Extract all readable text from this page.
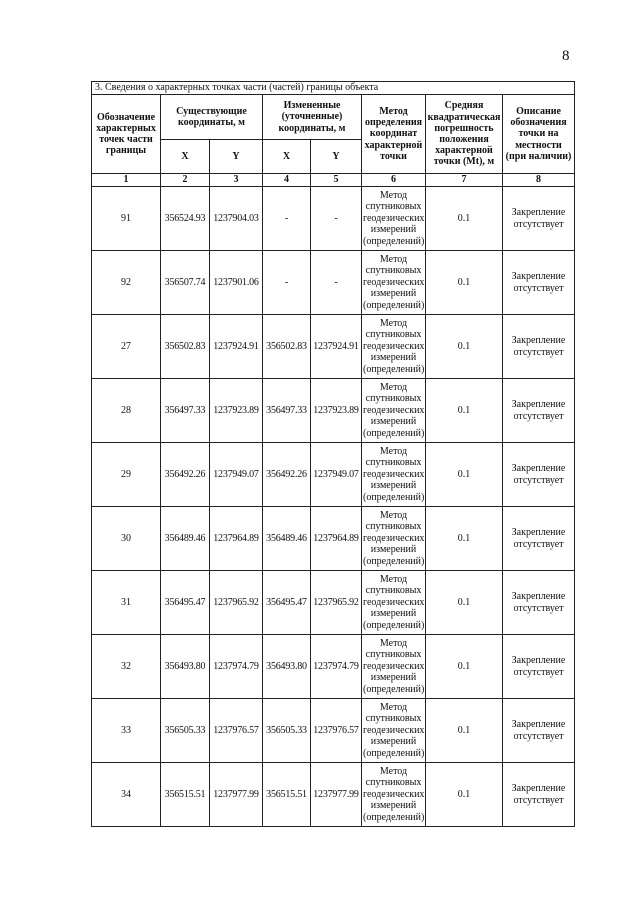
8
3. Сведения о характерных точках части (частей) границы объекта							
Обозначение характерных точек части границы	Существующие координаты, м		Измененные (уточненные) координаты, м		Метод определения координат характерной точки	Средняя квадратическая погрешность положения характерной точки (Mt), м	Описание обозначения точки на местности (при наличии)
	X	Y	X	Y			
1	2	3	4	5	6	7	8
91	356524.93	1237904.03	-	-	Метод спутниковых геодезических измерений (определений)	0.1	Закрепление отсутствует
92	356507.74	1237901.06	-	-	Метод спутниковых геодезических измерений (определений)	0.1	Закрепление отсутствует
27	356502.83	1237924.91	356502.83	1237924.91	Метод спутниковых геодезических измерений (определений)	0.1	Закрепление отсутствует
28	356497.33	1237923.89	356497.33	1237923.89	Метод спутниковых геодезических измерений (определений)	0.1	Закрепление отсутствует
29	356492.26	1237949.07	356492.26	1237949.07	Метод спутниковых геодезических измерений (определений)	0.1	Закрепление отсутствует
30	356489.46	1237964.89	356489.46	1237964.89	Метод спутниковых геодезических измерений (определений)	0.1	Закрепление отсутствует
31	356495.47	1237965.92	356495.47	1237965.92	Метод спутниковых геодезических измерений (определений)	0.1	Закрепление отсутствует
32	356493.80	1237974.79	356493.80	1237974.79	Метод спутниковых геодезических измерений (определений)	0.1	Закрепление отсутствует
33	356505.33	1237976.57	356505.33	1237976.57	Метод спутниковых геодезических измерений (определений)	0.1	Закрепление отсутствует
34	356515.51	1237977.99	356515.51	1237977.99	Метод спутниковых геодезических измерений (определений)	0.1	Закрепление отсутствует
